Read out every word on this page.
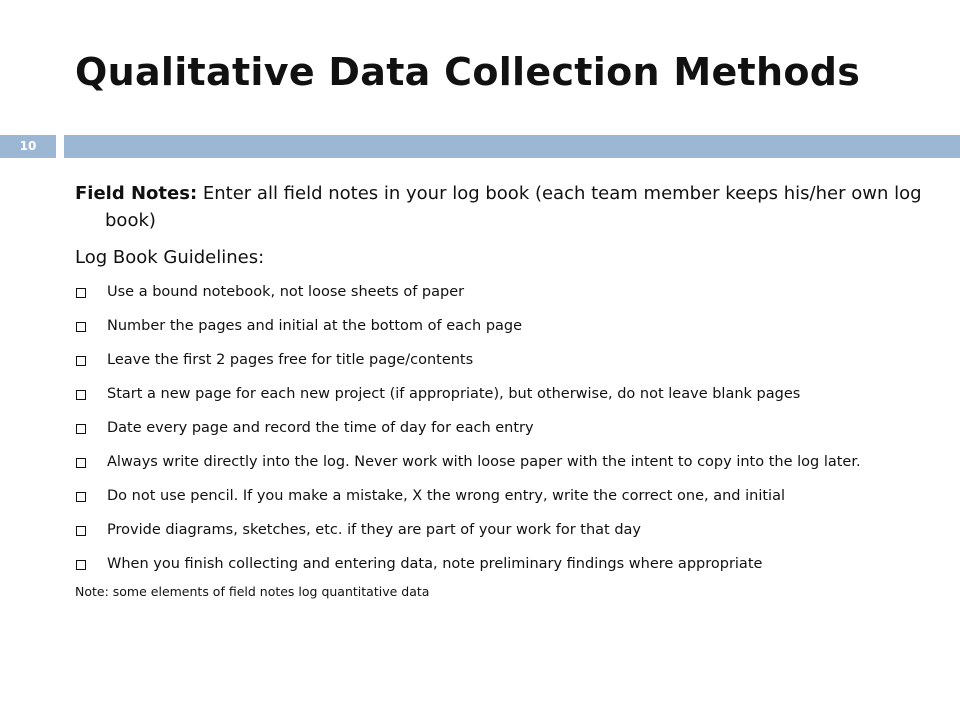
Qualitative Data Collection Methods
10

Field Notes: Enter all field notes in your log book (each team member keeps his/her own log book)

Log Book Guidelines:

Use a bound notebook, not loose sheets of paper
Number the pages and initial at the bottom of each page
Leave the first 2 pages free for title page/contents
Start a new page for each new project (if appropriate), but otherwise, do not leave blank pages
Date every page and record the time of day for each entry
Always write directly into the log. Never work with loose paper with the intent to copy into the log later.
Do not use pencil. If you make a mistake, X the wrong entry, write the correct one, and initial
Provide diagrams, sketches, etc. if they are part of your work for that day
When you finish collecting and entering data, note preliminary findings where appropriate
Note: some elements of field notes log quantitative data
